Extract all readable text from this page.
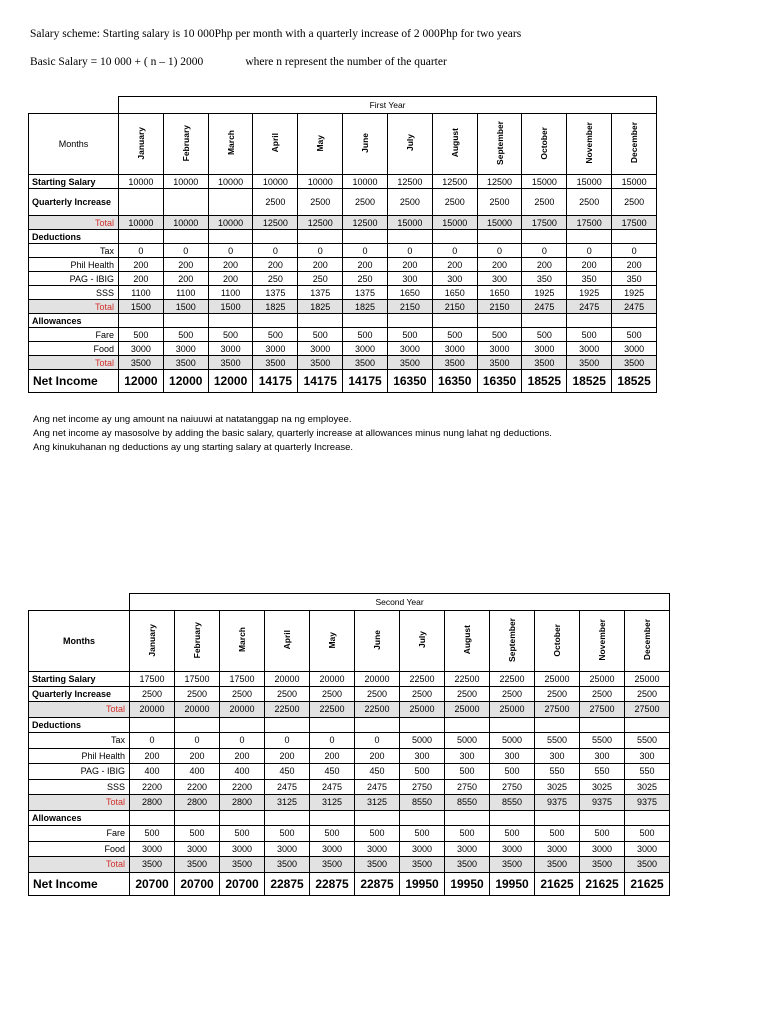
Salary scheme: Starting salary is 10 000Php per month with a quarterly increase of 2 000Php for two years
Basic Salary = 10 000 + ( n – 1) 2000	where n represent the number of the quarter
	First Year											
Months	January	February	March	April	May	June	July	August	September	October	November	December
Starting Salary	10000	10000	10000	10000	10000	10000	12500	12500	12500	15000	15000	15000
Quarterly Increase				2500	2500	2500	2500	2500	2500	2500	2500	2500
Total	10000	10000	10000	12500	12500	12500	15000	15000	15000	17500	17500	17500
Deductions												
Tax	0	0	0	0	0	0	0	0	0	0	0	0
Phil Health	200	200	200	200	200	200	200	200	200	200	200	200
PAG - IBIG	200	200	200	250	250	250	300	300	300	350	350	350
SSS	1100	1100	1100	1375	1375	1375	1650	1650	1650	1925	1925	1925
Total	1500	1500	1500	1825	1825	1825	2150	2150	2150	2475	2475	2475
Allowances												
Fare	500	500	500	500	500	500	500	500	500	500	500	500
Food	3000	3000	3000	3000	3000	3000	3000	3000	3000	3000	3000	3000
Total	3500	3500	3500	3500	3500	3500	3500	3500	3500	3500	3500	3500
Net Income	12000	12000	12000	14175	14175	14175	16350	16350	16350	18525	18525	18525
Ang net income ay ung amount na naiuuwi at natatanggap na ng employee.
Ang net income ay masosolve by adding the basic salary, quarterly increase at allowances minus nung lahat ng deductions.
Ang kinukuhanan ng deductions ay ung starting salary at quarterly Increase.
	Second Year											
Months	January	February	March	April	May	June	July	August	September	October	November	December
Starting Salary	17500	17500	17500	20000	20000	20000	22500	22500	22500	25000	25000	25000
Quarterly Increase	2500	2500	2500	2500	2500	2500	2500	2500	2500	2500	2500	2500
Total	20000	20000	20000	22500	22500	22500	25000	25000	25000	27500	27500	27500
Deductions												
Tax	0	0	0	0	0	0	5000	5000	5000	5500	5500	5500
Phil Health	200	200	200	200	200	200	300	300	300	300	300	300
PAG - IBIG	400	400	400	450	450	450	500	500	500	550	550	550
SSS	2200	2200	2200	2475	2475	2475	2750	2750	2750	3025	3025	3025
Total	2800	2800	2800	3125	3125	3125	8550	8550	8550	9375	9375	9375
Allowances												
Fare	500	500	500	500	500	500	500	500	500	500	500	500
Food	3000	3000	3000	3000	3000	3000	3000	3000	3000	3000	3000	3000
Total	3500	3500	3500	3500	3500	3500	3500	3500	3500	3500	3500	3500
Net Income	20700	20700	20700	22875	22875	22875	19950	19950	19950	21625	21625	21625
